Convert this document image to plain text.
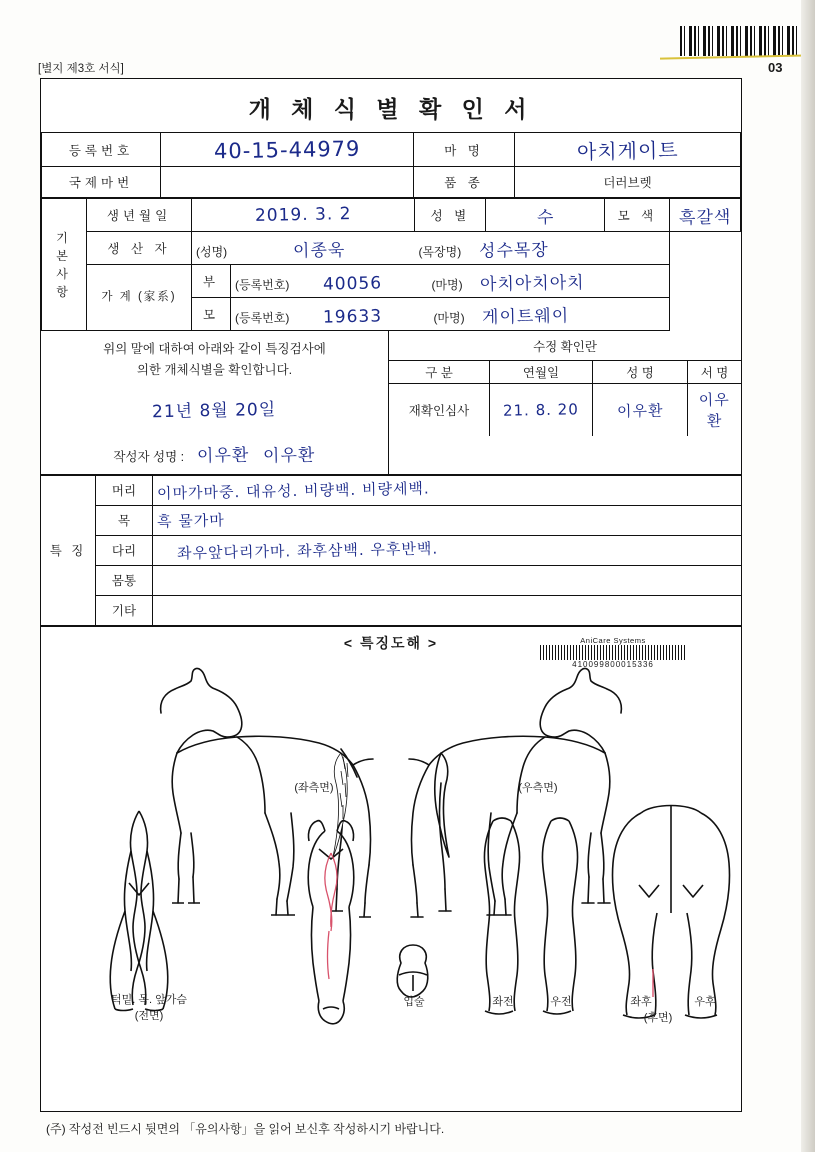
03
[별지 제3호 서식]
개 체 식 별 확 인 서
등록번호	40-15-44979	마 명	아치게이트
국제마번		품 종	더러브렛
기 본 사 항	생년월일	2019. 3. 2		성 별	수	모 색	흑갈색
	생 산 자	(성명) 이종욱 (목장명) 성수목장					
	가 계 (家系)	부	(등록번호) 40056 (마명) 아치아치아치				
		모	(등록번호) 19633 (마명) 게이트웨이				
위의 말에 대하여 아래와 같이 특징검사에
의한 개체식별을 확인합니다.
21년 8월 20일
작성자 성명 : 이우환 이우환
수정 확인란
구 분	연월일	성 명	서 명
재확인심사	21. 8. 20	이우환	이우환
특 징	머리	이마가마중. 대유성. 비량백. 비량세백.
	목	흑 물가마
	다리	좌우앞다리가마. 좌후삼백. 우후반백.
	몸통	
	기타	
< 특징도해 >
(좌측면)	(우측면)
턱밑. 목. 앞가슴
(전면)
입술	좌전	우전	좌후	우후
(후면)
AniCare Systems
410099800015336
(주) 작성전 빈드시 뒷면의 「유의사항」을 읽어 보신후 작성하시기 바랍니다.
